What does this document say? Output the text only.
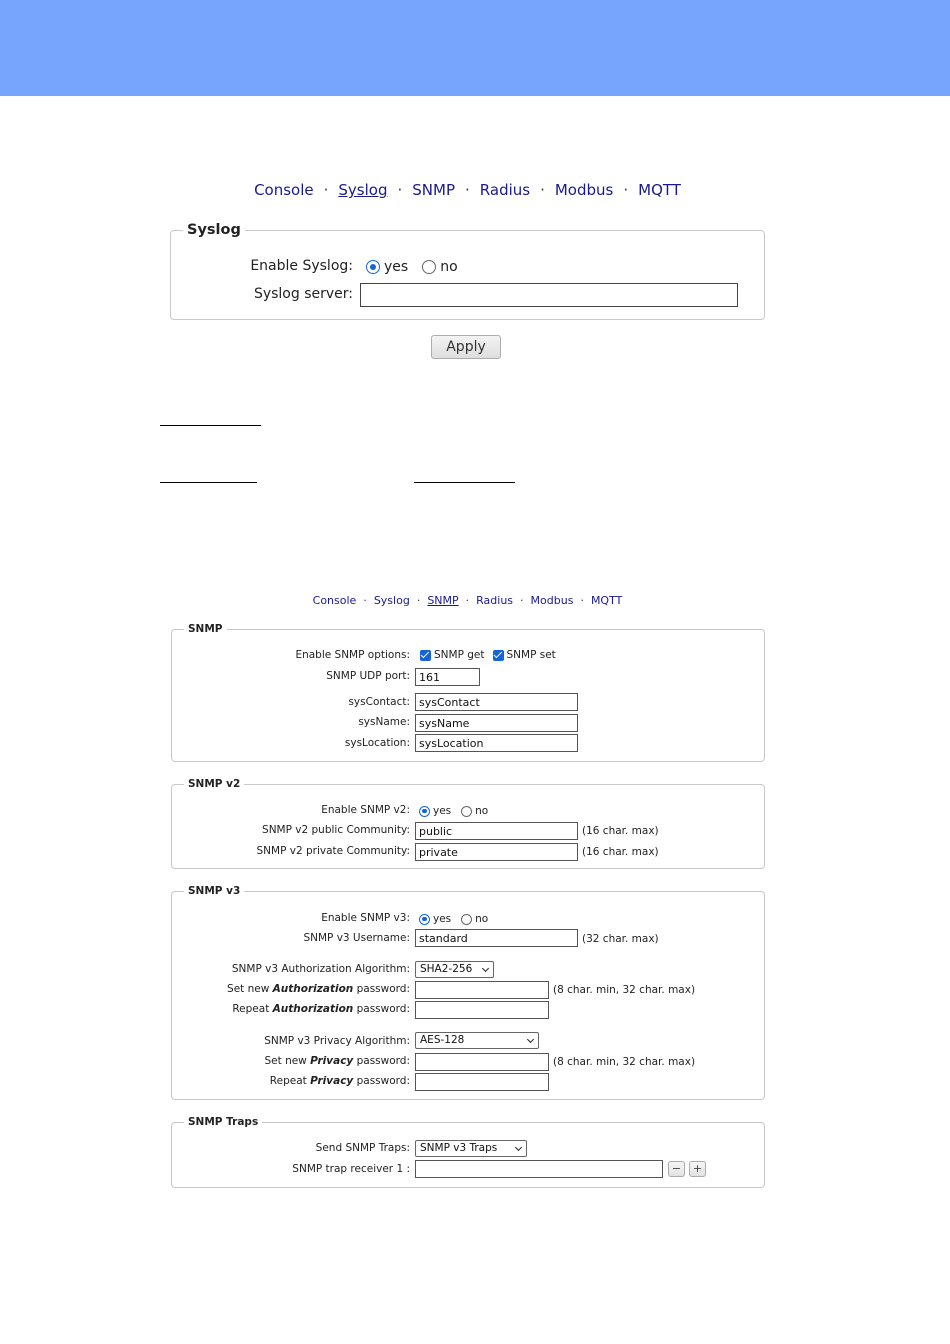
Console · Syslog · SNMP · Radius · Modbus · MQTT
Syslog
Enable Syslog: yes no
Syslog server:
Apply
Console · Syslog · SNMP · Radius · Modbus · MQTT
SNMP
Enable SNMP options: SNMP get SNMP set
SNMP UDP port: 161
sysContact: sysContact
sysName: sysName
sysLocation: sysLocation
SNMP v2
Enable SNMP v2: yes no
SNMP v2 public Community: public	(16 char. max)
SNMP v2 private Community: private	(16 char. max)
SNMP v3
Enable SNMP v3: yes no
SNMP v3 Username: standard	(32 char. max)
SNMP v3 Authorization Algorithm: SHA2-256
Set new Authorization password:	(8 char. min, 32 char. max)
Repeat Authorization password:
SNMP v3 Privacy Algorithm: AES-128
Set new Privacy password:	(8 char. min, 32 char. max)
Repeat Privacy password:
SNMP Traps
Send SNMP Traps: SNMP v3 Traps
SNMP trap receiver 1 :	−	+
